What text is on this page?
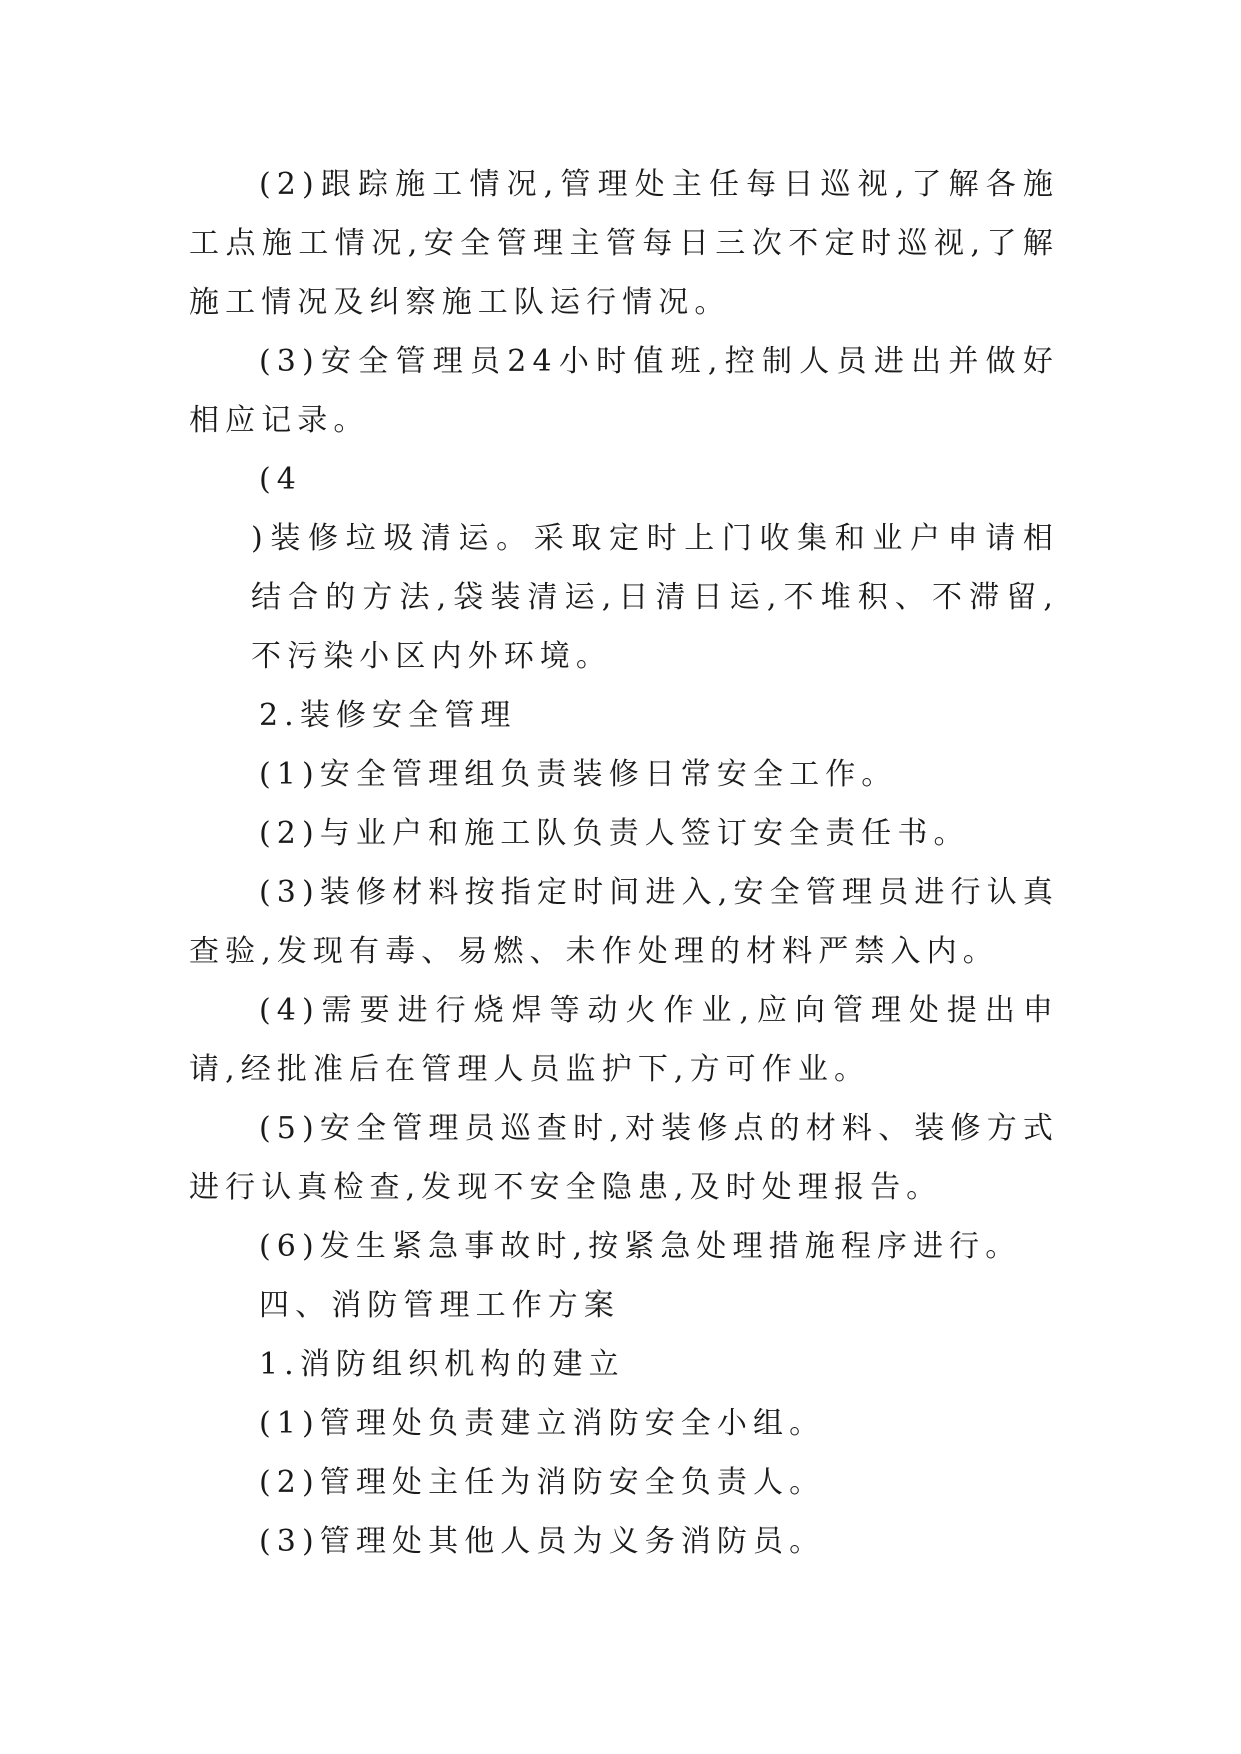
(2)跟踪施工情况,管理处主任每日巡视,了解各施工点施工情况,安全管理主管每日三次不定时巡视,了解施工情况及纠察施工队运行情况。

(3)安全管理员24小时值班,控制人员进出并做好相应记录。

(4

)装修垃圾清运。采取定时上门收集和业户申请相结合的方法,袋装清运,日清日运,不堆积、不滞留,不污染小区内外环境。

2.装修安全管理

(1)安全管理组负责装修日常安全工作。

(2)与业户和施工队负责人签订安全责任书。

(3)装修材料按指定时间进入,安全管理员进行认真查验,发现有毒、易燃、未作处理的材料严禁入内。

(4)需要进行烧焊等动火作业,应向管理处提出申请,经批准后在管理人员监护下,方可作业。

(5)安全管理员巡查时,对装修点的材料、装修方式进行认真检查,发现不安全隐患,及时处理报告。

(6)发生紧急事故时,按紧急处理措施程序进行。

四、消防管理工作方案

1.消防组织机构的建立

(1)管理处负责建立消防安全小组。

(2)管理处主任为消防安全负责人。

(3)管理处其他人员为义务消防员。
